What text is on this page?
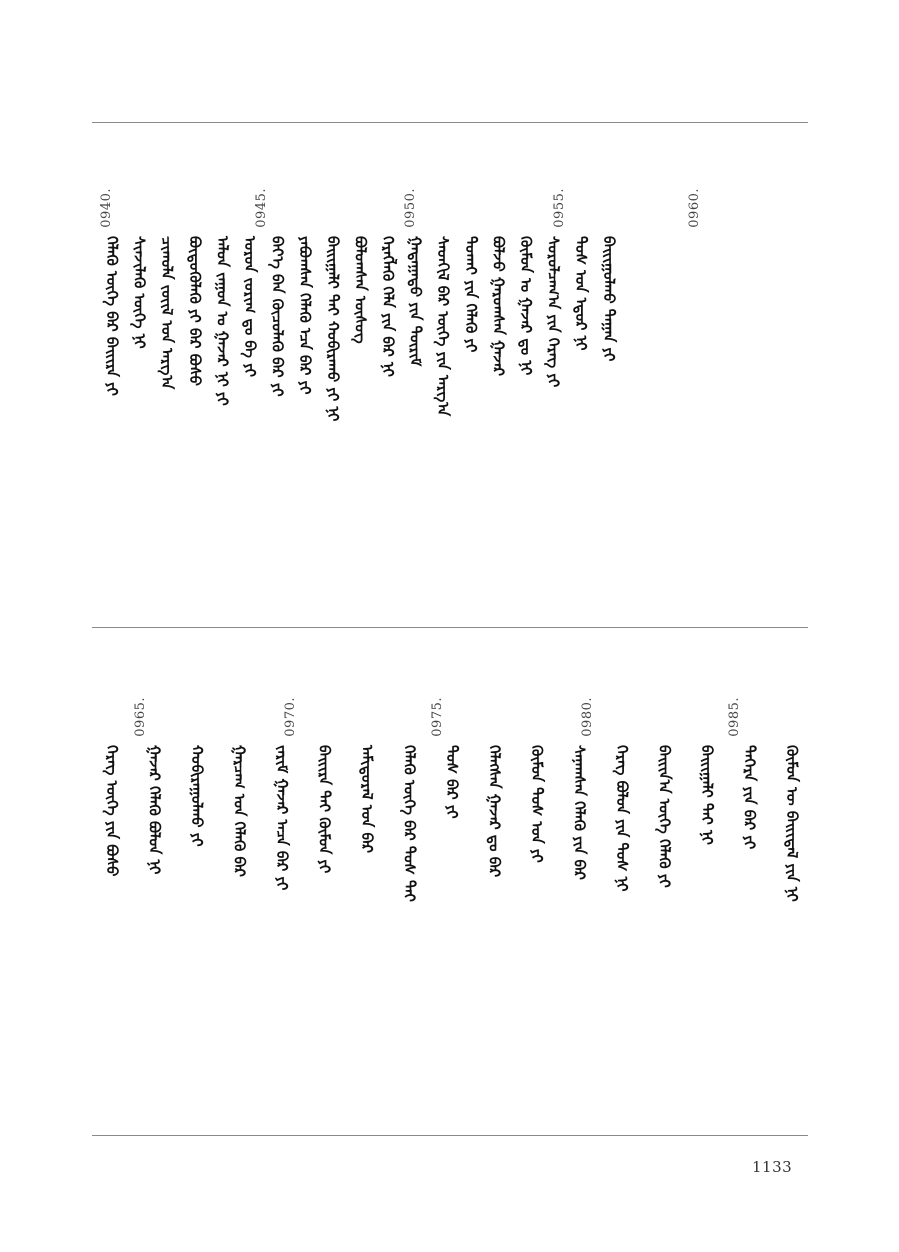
ᠬᠡᠯᠡᠬᠦ ᠦᠭᠡ ᠪᠠᠷ ᠪᠠᠢᠢᠷᠠ ᠶᠢ ᠰᠢᠨᠵᠢᠯᠡᠬᠦ ᠦᠭᠡ ᠨᠢ ᠴᠢᠬᠤᠯᠠ ᠵᠦᠢᠯ ᠤᠨ ᠠᠷᠭ᠎ᠠ ᠪᠦᠳᠦᠭᠦᠯᠡᠬᠦ ᠶᠢ ᠪᠠᠷ ᠪᠤᠰᠤ ᠠᠯᠤᠨ ᠵᠠᠭᠤᠨ ᠤ ᠭᠠᠵᠠᠷ ᠨᠢ ᠶᠢ ᠤᠷᠤᠨ ᠵᠤᠷᠢᠭ ᠳᠤ ᠪᠠ ᠶᠢ ᠪᠡᠶ᠎ᠡ ᠪᠠᠨ ᠬᠦᠴᠦᠯᠡᠬᠦ ᠪᠠᠷ ᠶᠢ ᠶᠠᠪᠤᠭᠰᠠᠨ ᠬᠡᠯᠡᠬᠦ ᠡᠴᠡ ᠪᠠᠷ ᠶᠢ ᠪᠠᠢᠢᠭᠠᠯᠢ ᠲᠠᠢ ᠬᠤᠪᠢᠷᠠᠬᠤ ᠶᠢ ᠨᠢ ᠪᠤᠯᠤᠭᠰᠠᠨ ᠦᠰᠦᠭ ᠬᠡᠷᠡᠭᠯᠡᠬᠦ ᠬᠡᠯᠡ ᠶᠢᠨ ᠪᠠᠷ ᠨᠢ ᠭᠠᠳᠠᠭᠠᠳᠤ ᠶᠢᠨ ᠳᠦᠷᠢᠮ ᠰᠡᠳᠬᠢᠯ ᠪᠠᠷ ᠦᠭᠡ ᠶᠢᠨ ᠠᠷᠭ᠎ᠠ ᠲᠤᠬᠠᠢ ᠶᠢᠨ ᠬᠡᠯᠡᠬᠦ ᠶᠢ ᠪᠤᠯᠵᠤ ᠭᠠᠷᠤᠭᠰᠠᠨ ᠭᠠᠵᠠᠷ ᠬᠦᠮᠦᠨ ᠤ ᠭᠠᠵᠠᠷ ᠳᠤ ᠨᠢ ᠰᠤᠷᠤᠯᠴᠠᠭ᠎ᠠ ᠶᠢᠨ ᠬᠡᠷᠡᠭ ᠶᠢ ᠲᠤᠰ ᠤᠨ ᠡᠳᠦᠷ ᠨᠢ ᠪᠠᠢᠢᠭᠤᠯᠬᠤ ᠳᠠᠭᠠᠨ ᠶᠢ
0940.	0945.	0950.	0955.	0960.
ᠬᠡᠷᠡᠭ ᠦᠭᠡ ᠶᠢᠨ ᠪᠤᠰᠤ ᠭᠠᠵᠠᠷ ᠬᠡᠯᠡᠬᠦ ᠪᠤᠯᠤᠨ ᠨᠢ ᠬᠤᠪᠢᠷᠠᠭᠤᠯᠬᠤ ᠶᠢ ᠭᠠᠷᠴᠠᠭ ᠤᠨ ᠬᠡᠯᠡᠬᠦ ᠪᠠᠷ ᠵᠠᠷᠢᠮ ᠭᠠᠵᠠᠷ ᠠᠴᠠ ᠪᠠᠷ ᠶᠢ ᠪᠠᠢᠢᠷᠠ ᠲᠠᠢ ᠬᠦᠮᠦᠨ ᠶᠢ ᠠᠮᠢᠳᠤᠷᠠᠯ ᠤᠨ ᠪᠠᠷ ᠬᠡᠯᠡᠬᠦ ᠦᠭᠡ ᠪᠠᠷ ᠲᠤᠰ ᠲᠠᠢ ᠲᠤᠰ ᠪᠠᠷ ᠶᠢ ᠬᠡᠯᠡᠭᠰᠡᠨ ᠭᠠᠵᠠᠷ ᠳᠤ ᠪᠠᠷ ᠬᠦᠮᠦᠨ ᠲᠤᠰ ᠤᠨ ᠶᠢ ᠰᠠᠨᠠᠭᠰᠠᠨ ᠬᠡᠯᠡᠬᠦ ᠶᠢᠨ ᠪᠠᠷ ᠬᠡᠷᠡᠭ ᠪᠤᠯᠤᠨ ᠶᠢᠨ ᠲᠤᠰ ᠨᠢ ᠪᠠᠢᠢᠨ᠎ᠠ ᠦᠭᠡ ᠬᠡᠯᠡᠬᠦ ᠶᠢ ᠪᠠᠢᠢᠭᠠᠯᠢ ᠲᠠᠢ ᠨᠢ ᠳᠡᠭᠡᠷᠡ ᠶᠢᠨ ᠪᠠᠷ ᠶᠢ ᠬᠦᠮᠦᠨ ᠦ ᠪᠠᠢᠢᠳᠠᠯ ᠶᠢᠨ ᠨᠢ
0965.	0970.	0975.	0980.	0985.
1133
